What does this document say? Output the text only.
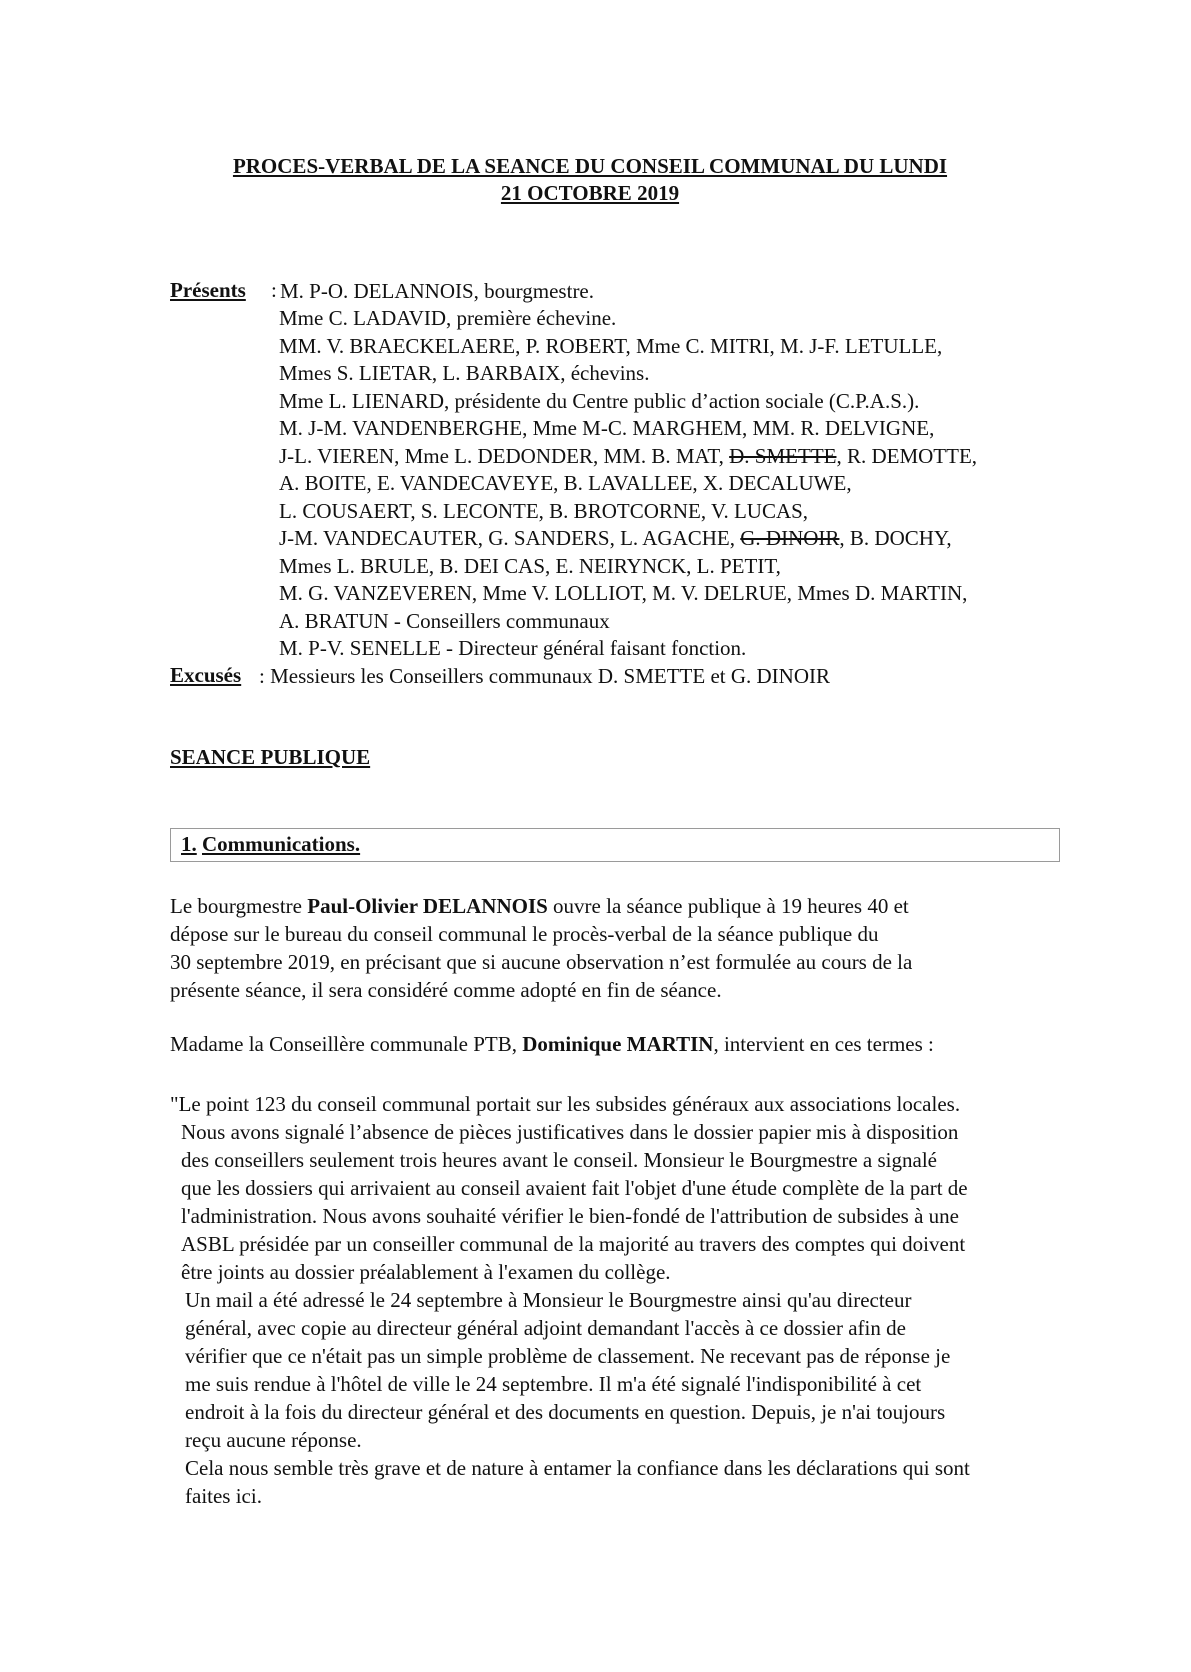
PROCES-VERBAL DE LA SEANCE DU CONSEIL COMMUNAL DU LUNDI
21 OCTOBRE 2019
Présents : M. P-O. DELANNOIS, bourgmestre.
Mme C. LADAVID, première échevine.
MM. V. BRAECKELAERE, P. ROBERT, Mme C. MITRI, M. J-F. LETULLE,
Mmes S. LIETAR, L. BARBAIX, échevins.
Mme L. LIENARD, présidente du Centre public d’action sociale (C.P.A.S.).
M. J-M. VANDENBERGHE, Mme M-C. MARGHEM, MM. R. DELVIGNE,
J-L. VIEREN, Mme L. DEDONDER, MM. B. MAT, D. SMETTE, R. DEMOTTE,
A. BOITE, E. VANDECAVEYE, B. LAVALLEE, X. DECALUWE,
L. COUSAERT, S. LECONTE, B. BROTCORNE, V. LUCAS,
J-M. VANDECAUTER, G. SANDERS, L. AGACHE, G. DINOIR, B. DOCHY,
Mmes L. BRULE, B. DEI CAS, E. NEIRYNCK, L. PETIT,
M. G. VANZEVEREN, Mme V. LOLLIOT, M. V. DELRUE, Mmes D. MARTIN,
A. BRATUN - Conseillers communaux
M. P-V. SENELLE - Directeur général faisant fonction.
Excusés : Messieurs les Conseillers communaux D. SMETTE et G. DINOIR
SEANCE PUBLIQUE
1. Communications.
Le bourgmestre Paul-Olivier DELANNOIS ouvre la séance publique à 19 heures 40 et
dépose sur le bureau du conseil communal le procès-verbal de la séance publique du
30 septembre 2019, en précisant que si aucune observation n’est formulée au cours de la
présente séance, il sera considéré comme adopté en fin de séance.
Madame la Conseillère communale PTB, Dominique MARTIN, intervient en ces termes :
"Le point 123 du conseil communal portait sur les subsides généraux aux associations locales.
Nous avons signalé l’absence de pièces justificatives dans le dossier papier mis à disposition
des conseillers seulement trois heures avant le conseil. Monsieur le Bourgmestre a signalé
que les dossiers qui arrivaient au conseil avaient fait l'objet d'une étude complète de la part de
l'administration. Nous avons souhaité vérifier le bien-fondé de l'attribution de subsides à une
ASBL présidée par un conseiller communal de la majorité au travers des comptes qui doivent
être joints au dossier préalablement à l'examen du collège.
Un mail a été adressé le 24 septembre à Monsieur le Bourgmestre ainsi qu'au directeur
général, avec copie au directeur général adjoint demandant l'accès à ce dossier afin de
vérifier que ce n'était pas un simple problème de classement. Ne recevant pas de réponse je
me suis rendue à l'hôtel de ville le 24 septembre. Il m'a été signalé l'indisponibilité à cet
endroit à la fois du directeur général et des documents en question. Depuis, je n'ai toujours
reçu aucune réponse.
Cela nous semble très grave et de nature à entamer la confiance dans les déclarations qui sont
faites ici.
